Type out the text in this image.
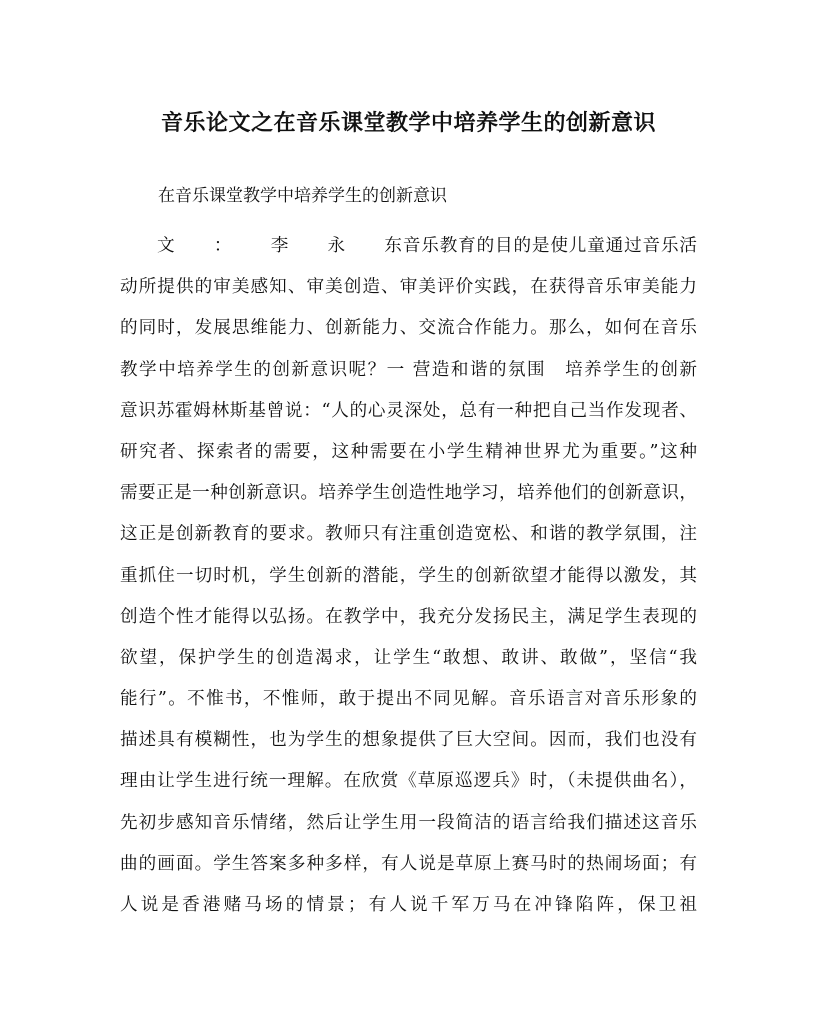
音乐论文之在音乐课堂教学中培养学生的创新意识

在音乐课堂教学中培养学生的创新意识

文：李永东音乐教育的目的是使儿童通过音乐活
动所提供的审美感知、审美创造、审美评价实践，在获得音乐审美能力
的同时，发展思维能力、创新能力、交流合作能力。那么，如何在音乐
教学中培养学生的创新意识呢？一 营造和谐的氛围　培养学生的创新
意识苏霍姆林斯基曾说：“人的心灵深处，总有一种把自己当作发现者、
研究者、探索者的需要，这种需要在小学生精神世界尤为重要。”这种
需要正是一种创新意识。培养学生创造性地学习，培养他们的创新意识，
这正是创新教育的要求。教师只有注重创造宽松、和谐的教学氛围，注
重抓住一切时机，学生创新的潜能，学生的创新欲望才能得以激发，其
创造个性才能得以弘扬。在教学中，我充分发扬民主，满足学生表现的
欲望，保护学生的创造渴求，让学生“敢想、敢讲、敢做”，坚信“我
能行”。不惟书，不惟师，敢于提出不同见解。音乐语言对音乐形象的
描述具有模糊性，也为学生的想象提供了巨大空间。因而，我们也没有
理由让学生进行统一理解。在欣赏《草原巡逻兵》时，（未提供曲名），
先初步感知音乐情绪，然后让学生用一段简洁的语言给我们描述这音乐
曲的画面。学生答案多种多样，有人说是草原上赛马时的热闹场面；有
人说是香港赌马场的情景；有人说千军万马在冲锋陷阵，保卫祖
